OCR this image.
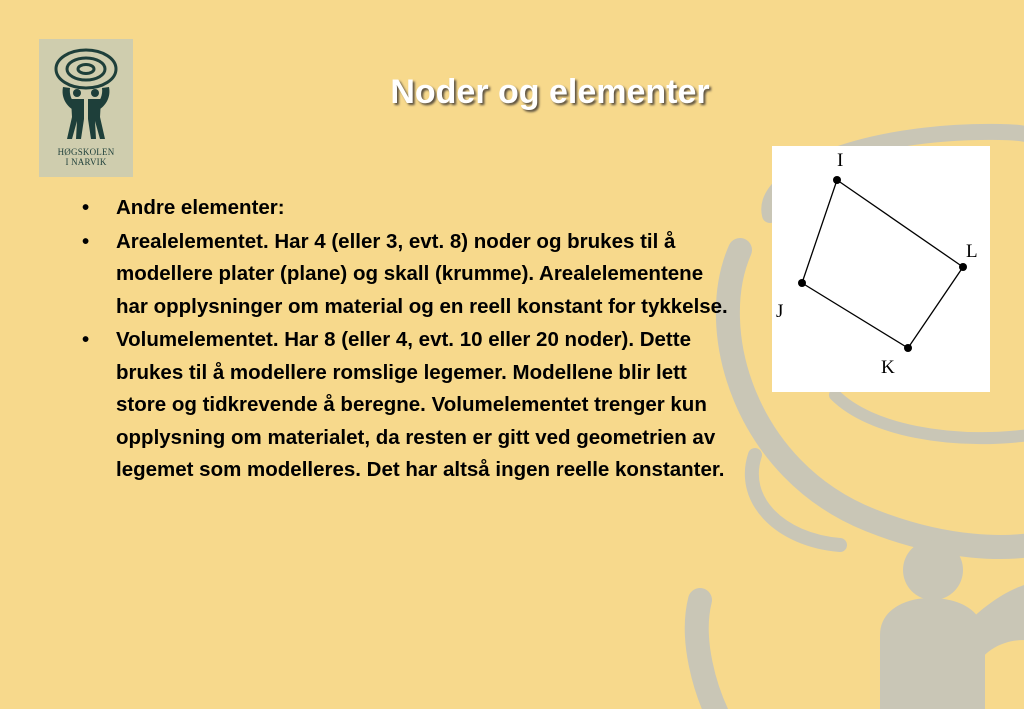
HØGSKOLEN
I NARVIK
Noder og elementer
• Andre elementer:
• Arealelementet. Har 4 (eller 3, evt. 8) noder og brukes til å modellere plater (plane) og skall (krumme). Arealelementene har opplysninger om material og en reell konstant for tykkelse.
• Volumelementet. Har 8 (eller 4, evt. 10 eller 20 noder). Dette brukes til å modellere romslige legemer. Modellene blir lett store og tidkrevende å beregne. Volumelementet trenger kun opplysning om materialet, da resten er gitt ved geometrien av legemet som modelleres. Det har altså ingen reelle konstanter.
I
L
J
K
